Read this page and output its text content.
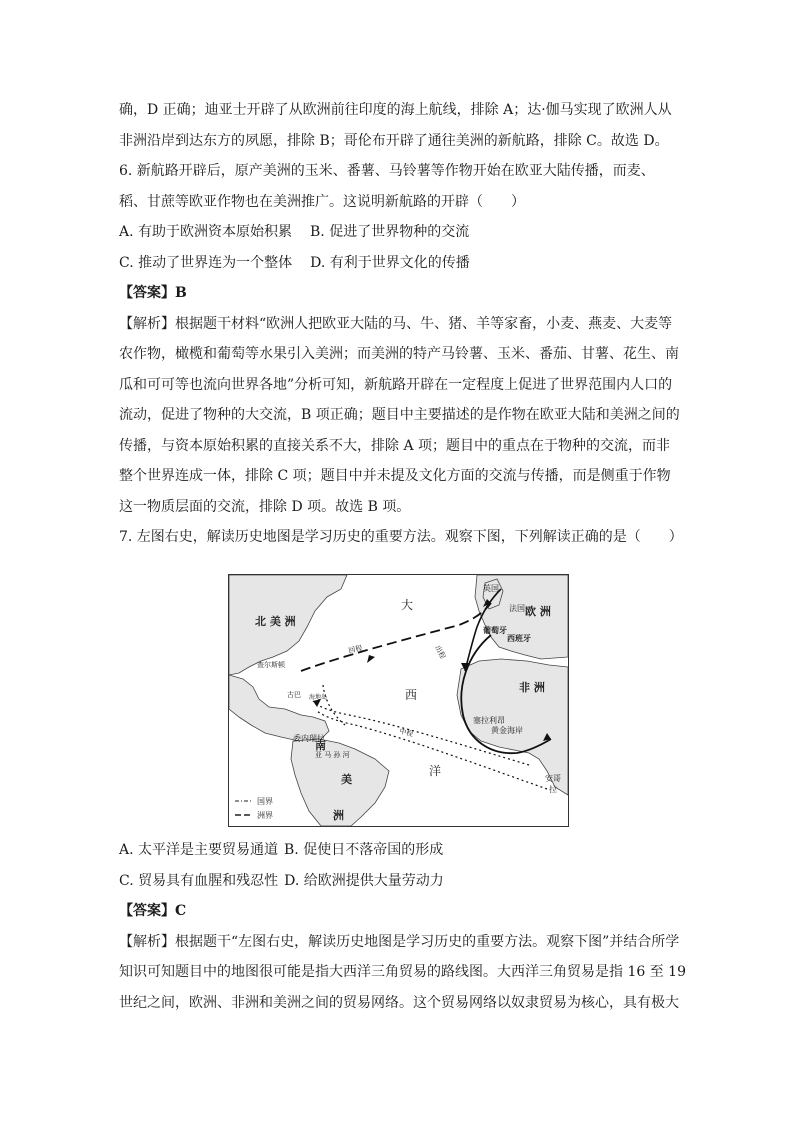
确，D 正确；迪亚士开辟了从欧洲前往印度的海上航线，排除 A；达·伽马实现了欧洲人从
非洲沿岸到达东方的夙愿，排除 B；哥伦布开辟了通往美洲的新航路，排除 C。故选 D。
6. 新航路开辟后，原产美洲的玉米、番薯、马铃薯等作物开始在欧亚大陆传播，而麦、
稻、甘蔗等欧亚作物也在美洲推广。这说明新航路的开辟（　　）
A. 有助于欧洲资本原始积累 B. 促进了世界物种的交流
C. 推动了世界连为一个整体 D. 有利于世界文化的传播
【答案】B
【解析】根据题干材料“欧洲人把欧亚大陆的马、牛、猪、羊等家畜，小麦、燕麦、大麦等
农作物，橄榄和葡萄等水果引入美洲；而美洲的特产马铃薯、玉米、番茄、甘薯、花生、南
瓜和可可等也流向世界各地”分析可知，新航路开辟在一定程度上促进了世界范围内人口的
流动，促进了物种的大交流，B 项正确；题目中主要描述的是作物在欧亚大陆和美洲之间的
传播，与资本原始积累的直接关系不大，排除 A 项；题目中的重点在于物种的交流，而非
整个世界连成一体，排除 C 项；题目中并未提及文化方面的交流与传播，而是侧重于作物
这一物质层面的交流，排除 D 项。故选 B 项。
7. 左图右史，解读历史地图是学习历史的重要方法。观察下图，下列解读正确的是（　　）
北 美 洲
大
西
洋
欧 洲
非 洲
南
美
洲
英国
法国
葡萄牙
西班牙
查尔斯顿
古巴 海地岛
委内瑞拉
塞拉利昂
黄金海岸
安哥
拉
亚 马 孙 河
回程	出程
中程
国界
洲界
A. 太平洋是主要贸易通道 B. 促使日不落帝国的形成
C. 贸易具有血腥和残忍性 D. 给欧洲提供大量劳动力
【答案】C
【解析】根据题干“左图右史，解读历史地图是学习历史的重要方法。观察下图”并结合所学
知识可知题目中的地图很可能是指大西洋三角贸易的路线图。大西洋三角贸易是指 16 至 19
世纪之间，欧洲、非洲和美洲之间的贸易网络。这个贸易网络以奴隶贸易为核心，具有极大
